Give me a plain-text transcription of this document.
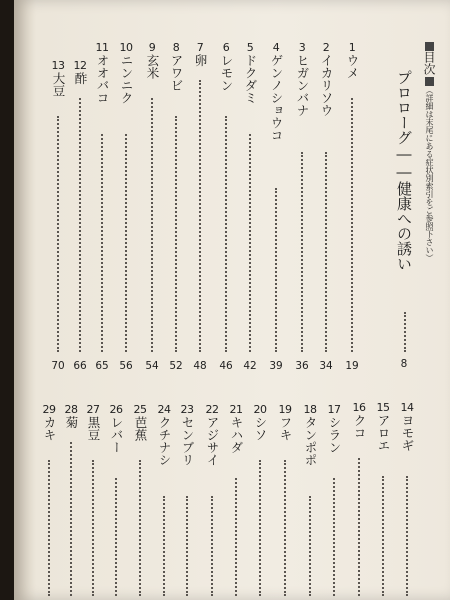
目次
（詳細は末尾にある症状別索引をご参照下さい）
プロローグ――健康への誘い
8
1
ウメ
19
2
イカリソウ
34
3
ヒガンバナ
36
4
ゲンノショウコ
39
5
ドクダミ
42
6
レモン
46
7
卵
48
8
アワビ
52
9
玄米
54
10
ニンニク
56
11
オオバコ
65
12
酢
66
13
大豆
70
14
ヨモギ
15
アロエ
16
クコ
17
シラン
18
タンポポ
19
フキ
20
シソ
21
キハダ
22
アジサイ
23
センブリ
24
クチナシ
25
芭蕉
26
レバー
27
黒豆
28
菊
29
カキ
